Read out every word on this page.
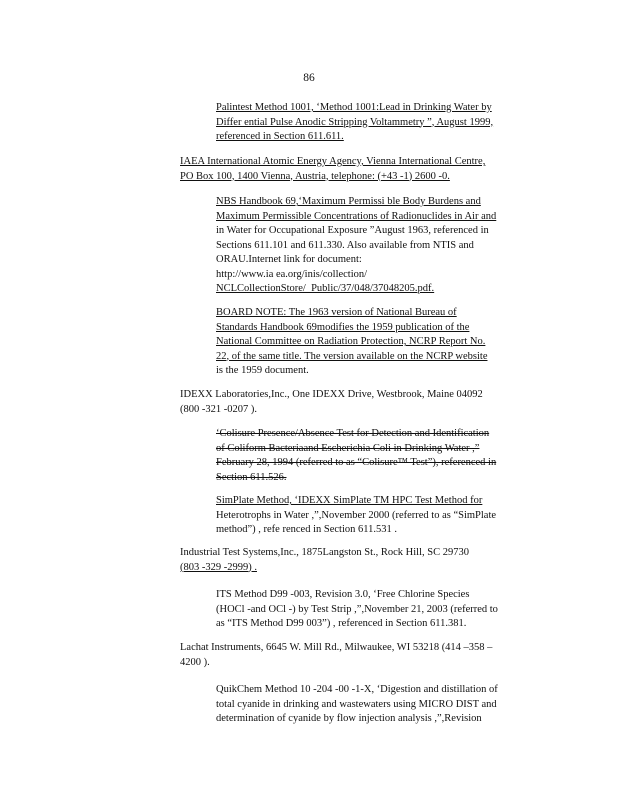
86
Palintest Method 1001, ‘Method 1001:Lead in Drinking Water by
Differ ential Pulse Anodic Stripping Voltammetry ”, August 1999,
referenced in Section 611.611.
IAEA International Atomic Energy Agency, Vienna International Centre,
PO Box 100, 1400 Vienna, Austria, telephone: (+43 -1) 2600 -0.
NBS Handbook 69,‘Maximum Permissi ble Body Burdens and
Maximum Permissible Concentrations of Radionuclides in Air and
in Water for Occupational Exposure ”August 1963, referenced in
Sections 611.101 and 611.330. Also available from NTIS and
ORAU.Internet link for document:
http://www.ia ea.org/inis/collection/
NCLCollectionStore/_Public/37/048/37048205.pdf.
BOARD NOTE: The 1963 version of National Bureau of
Standards Handbook 69modifies the 1959 publication of the
National Committee on Radiation Protection, NCRP Report No.
22, of the same title. The version available on the NCRP website
is the 1959 document.
IDEXX Laboratories,Inc., One IDEXX Drive, Westbrook, Maine 04092
(800 -321 -0207 ).
‘Colisure Presence/Absence Test for Detection and Identification
of Coliform Bacteriaand Escherichia Coli in Drinking Water ,”
February 28, 1994 (referred to as “Colisure™ Test”), referenced in
Section 611.526.
SimPlate Method, ‘IDEXX SimPlate TM HPC Test Method for
Heterotrophs in Water ,”,November 2000 (referred to as “SimPlate
method”) , refe renced in Section 611.531 .
Industrial Test Systems,Inc., 1875Langston St., Rock Hill, SC 29730
(803 -329 -2999) .
ITS Method D99 -003, Revision 3.0, ‘Free Chlorine Species
(HOCl -and OCl -) by Test Strip ,”,November 21, 2003 (referred to
as “ITS Method D99 003”) , referenced in Section 611.381.
Lachat Instruments, 6645 W. Mill Rd., Milwaukee, WI 53218 (414 –358 –
4200 ).
QuikChem Method 10 -204 -00 -1-X, ‘Digestion and distillation of
total cyanide in drinking and wastewaters using MICRO DIST and
determination of cyanide by flow injection analysis ,”,Revision
